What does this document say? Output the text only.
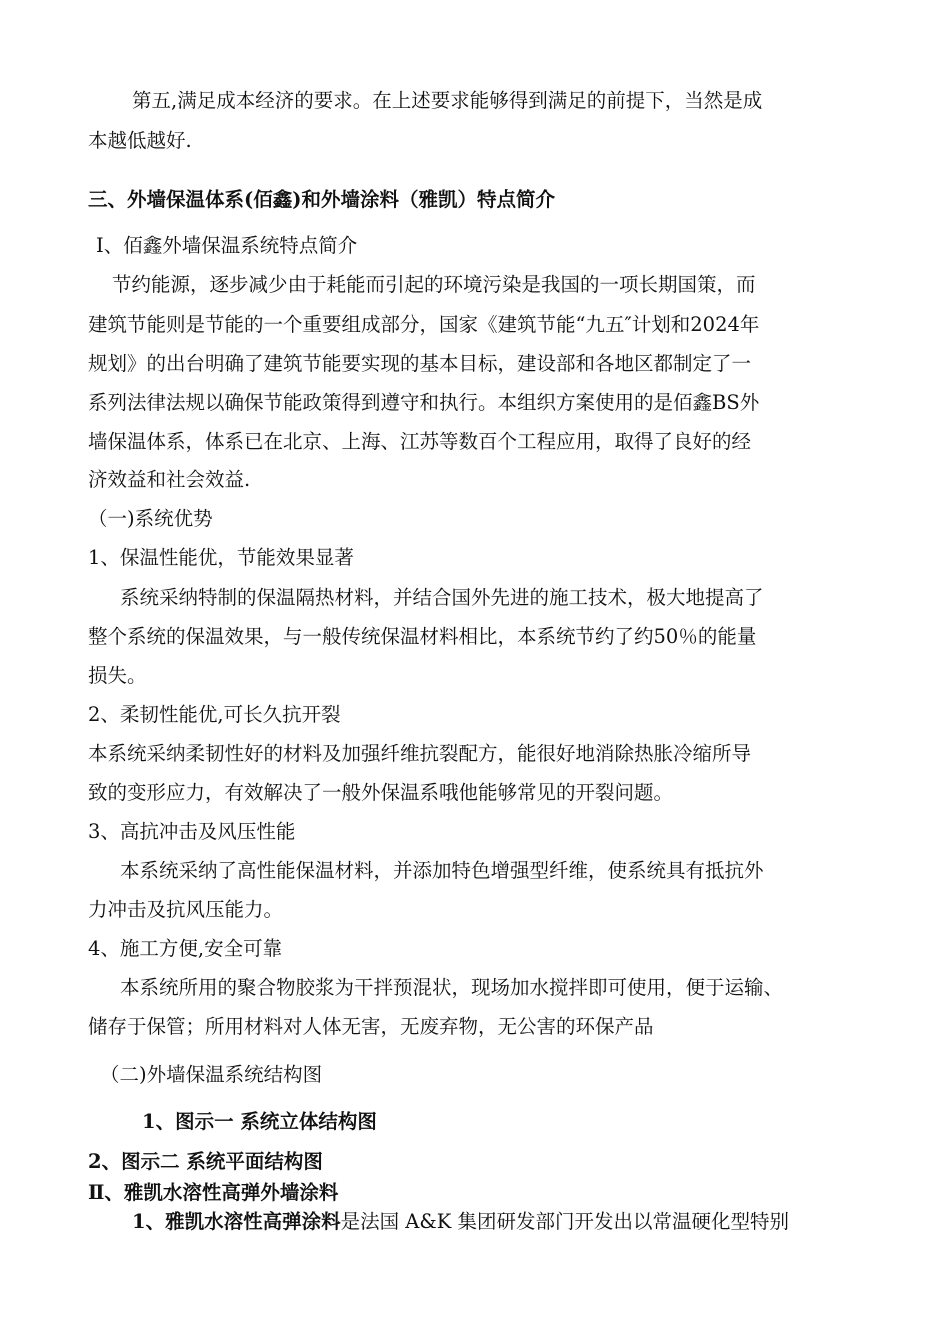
第五,满足成本经济的要求。在上述要求能够得到满足的前提下，当然是成
本越低越好.
三、外墙保温体系(佰鑫)和外墙涂料（雅凯）特点简介
Ⅰ、佰鑫外墙保温系统特点简介
节约能源，逐步减少由于耗能而引起的环境污染是我国的一项长期国策，而
建筑节能则是节能的一个重要组成部分，国家《建筑节能“九五″计划和2024年
规划》的出台明确了建筑节能要实现的基本目标，建设部和各地区都制定了一
系列法律法规以确保节能政策得到遵守和执行。本组织方案使用的是佰鑫BS外
墙保温体系，体系已在北京、上海、江苏等数百个工程应用，取得了良好的经
济效益和社会效益.
（一)系统优势
1、保温性能优，节能效果显著
系统采纳特制的保温隔热材料，并结合国外先进的施工技术，极大地提高了
整个系统的保温效果，与一般传统保温材料相比，本系统节约了约50％的能量
损失。
2、柔韧性能优,可长久抗开裂
本系统采纳柔韧性好的材料及加强纤维抗裂配方，能很好地消除热胀冷缩所导
致的变形应力，有效解决了一般外保温系哦他能够常见的开裂问题。
3、高抗冲击及风压性能
本系统采纳了高性能保温材料，并添加特色增强型纤维，使系统具有抵抗外
力冲击及抗风压能力。
4、施工方便,安全可靠
本系统所用的聚合物胶浆为干拌预混状，现场加水搅拌即可使用，便于运输、
储存于保管；所用材料对人体无害，无废弃物，无公害的环保产品
（二)外墙保温系统结构图
1、图示一 系统立体结构图
2、图示二 系统平面结构图
Ⅱ、雅凯水溶性高弹外墙涂料
1、雅凯水溶性高弹涂料是法国 A&K 集团研发部门开发出以常温硬化型特别
